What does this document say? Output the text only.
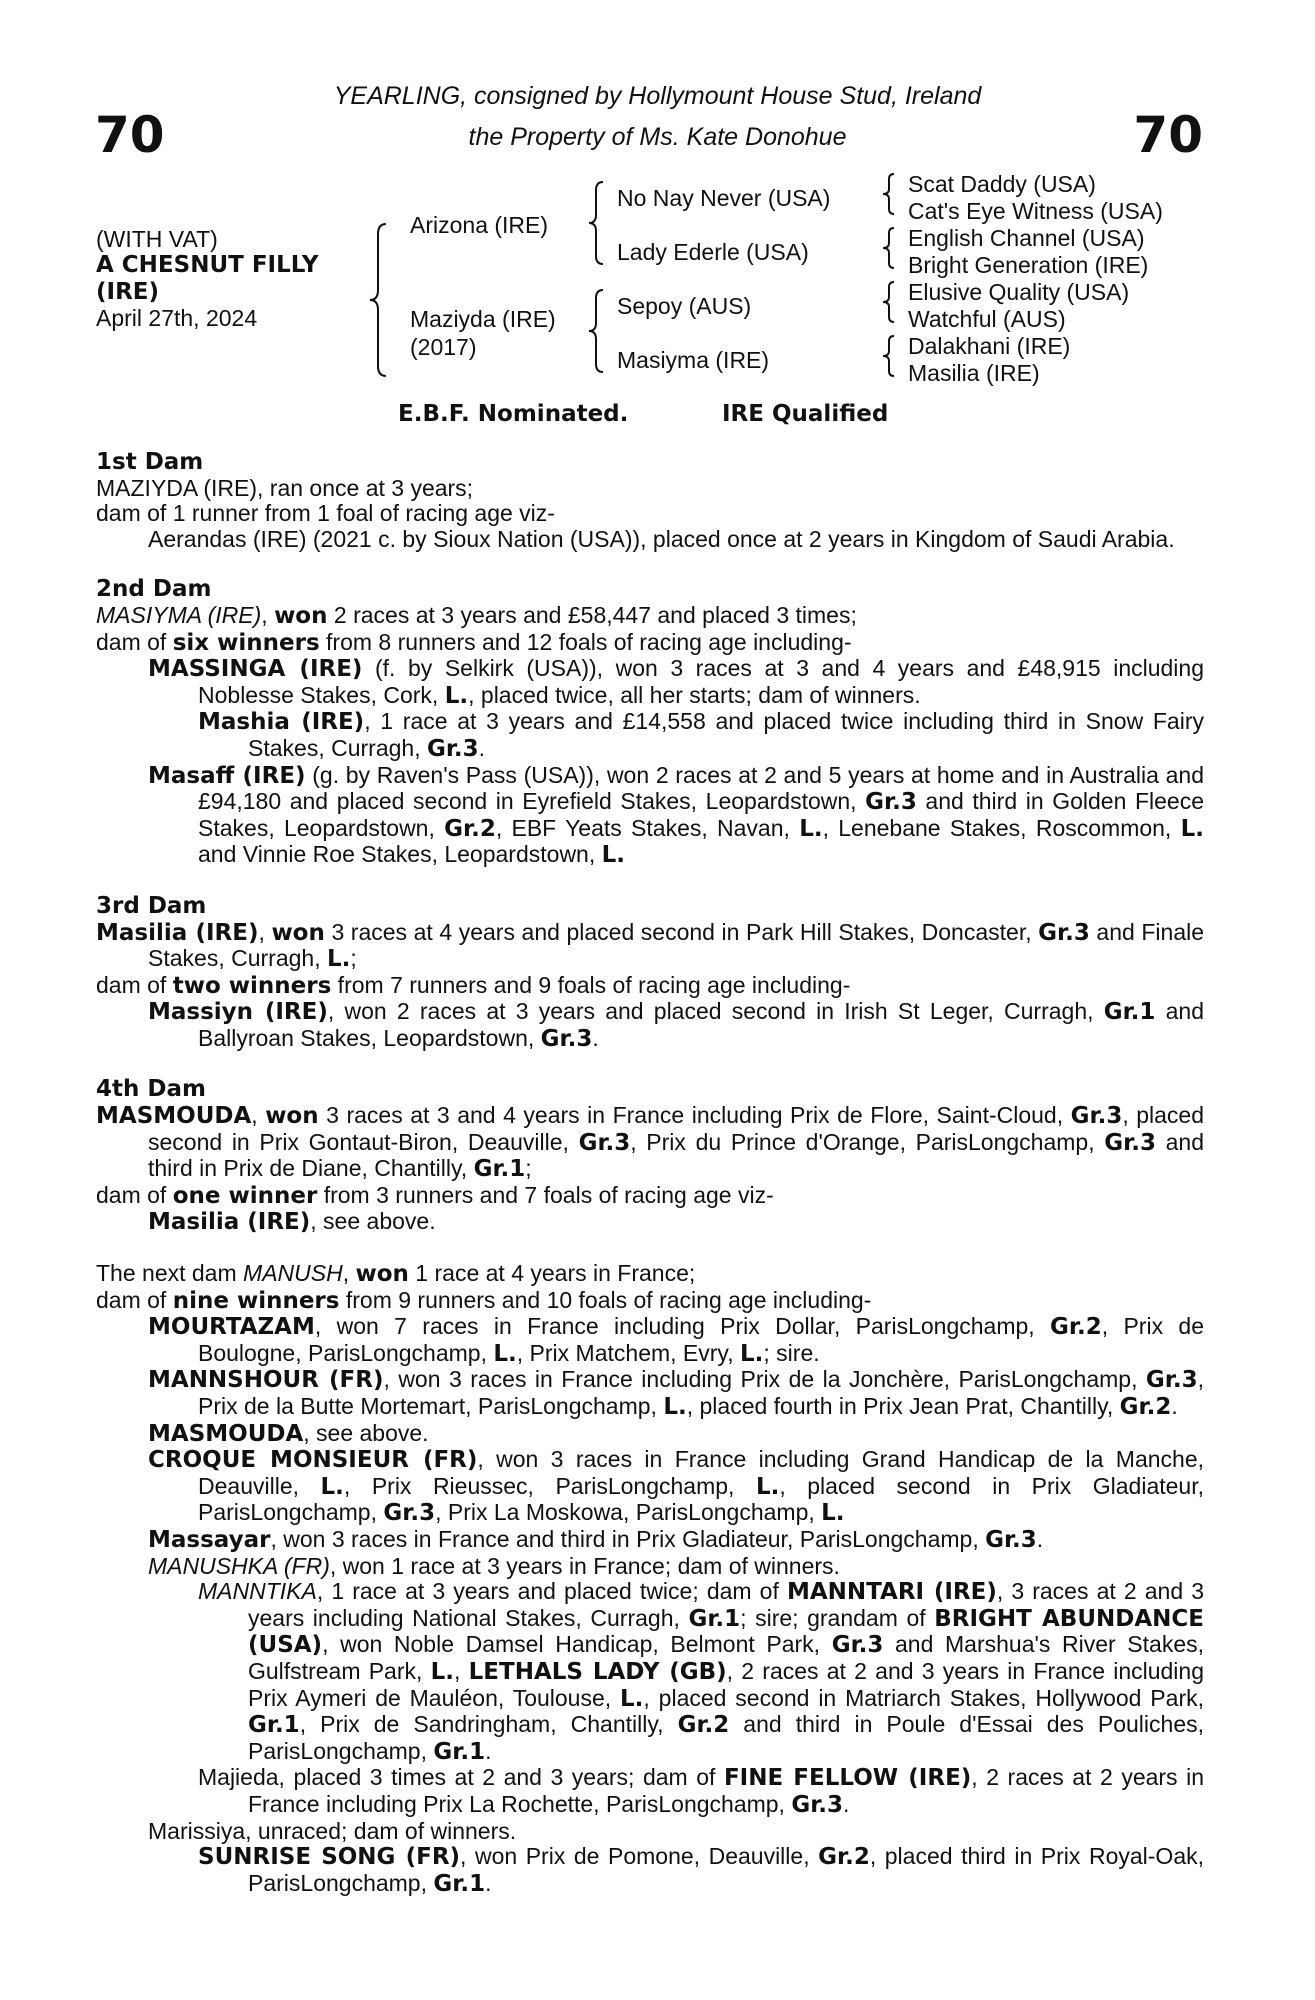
70	70
YEARLING, consigned by Hollymount House Stud, Ireland
the Property of Ms. Kate Donohue
(WITH VAT)
A CHESNUT FILLY
(IRE)
April 27th, 2024
Arizona (IRE)
Maziyda (IRE)
(2017)
No Nay Never (USA)
Lady Ederle (USA)
Sepoy (AUS)
Masiyma (IRE)
Scat Daddy (USA)
Cat's Eye Witness (USA)
English Channel (USA)
Bright Generation (IRE)
Elusive Quality (USA)
Watchful (AUS)
Dalakhani (IRE)
Masilia (IRE)
E.B.F. Nominated.	IRE Qualified
1st Dam

MAZIYDA (IRE), ran once at 3 years;

dam of 1 runner from 1 foal of racing age viz-

Aerandas (IRE) (2021 c. by Sioux Nation (USA)), placed once at 2 years in Kingdom of Saudi Arabia.

2nd Dam

MASIYMA (IRE), won 2 races at 3 years and £58,447 and placed 3 times;

dam of six winners from 8 runners and 12 foals of racing age including-

MASSINGA (IRE) (f. by Selkirk (USA)), won 3 races at 3 and 4 years and £48,915 including Noblesse Stakes, Cork, L., placed twice, all her starts; dam of winners.

Mashia (IRE), 1 race at 3 years and £14,558 and placed twice including third in Snow Fairy Stakes, Curragh, Gr.3.

Masaff (IRE) (g. by Raven's Pass (USA)), won 2 races at 2 and 5 years at home and in Australia and £94,180 and placed second in Eyrefield Stakes, Leopardstown, Gr.3 and third in Golden Fleece Stakes, Leopardstown, Gr.2, EBF Yeats Stakes, Navan, L., Lenebane Stakes, Roscommon, L. and Vinnie Roe Stakes, Leopardstown, L.

3rd Dam

Masilia (IRE), won 3 races at 4 years and placed second in Park Hill Stakes, Doncaster, Gr.3 and Finale Stakes, Curragh, L.;

dam of two winners from 7 runners and 9 foals of racing age including-

Massiyn (IRE), won 2 races at 3 years and placed second in Irish St Leger, Curragh, Gr.1 and Ballyroan Stakes, Leopardstown, Gr.3.

4th Dam

MASMOUDA, won 3 races at 3 and 4 years in France including Prix de Flore, Saint-Cloud, Gr.3, placed second in Prix Gontaut-Biron, Deauville, Gr.3, Prix du Prince d'Orange, ParisLongchamp, Gr.3 and third in Prix de Diane, Chantilly, Gr.1;

dam of one winner from 3 runners and 7 foals of racing age viz-

Masilia (IRE), see above.

The next dam MANUSH, won 1 race at 4 years in France;

dam of nine winners from 9 runners and 10 foals of racing age including-

MOURTAZAM, won 7 races in France including Prix Dollar, ParisLongchamp, Gr.2, Prix de Boulogne, ParisLongchamp, L., Prix Matchem, Evry, L.; sire.

MANNSHOUR (FR), won 3 races in France including Prix de la Jonchère, ParisLongchamp, Gr.3, Prix de la Butte Mortemart, ParisLongchamp, L., placed fourth in Prix Jean Prat, Chantilly, Gr.2.

MASMOUDA, see above.

CROQUE MONSIEUR (FR), won 3 races in France including Grand Handicap de la Manche, Deauville, L., Prix Rieussec, ParisLongchamp, L., placed second in Prix Gladiateur, ParisLongchamp, Gr.3, Prix La Moskowa, ParisLongchamp, L.

Massayar, won 3 races in France and third in Prix Gladiateur, ParisLongchamp, Gr.3.

MANUSHKA (FR), won 1 race at 3 years in France; dam of winners.

MANNTIKA, 1 race at 3 years and placed twice; dam of MANNTARI (IRE), 3 races at 2 and 3 years including National Stakes, Curragh, Gr.1; sire; grandam of BRIGHT ABUNDANCE (USA), won Noble Damsel Handicap, Belmont Park, Gr.3 and Marshua's River Stakes, Gulfstream Park, L., LETHALS LADY (GB), 2 races at 2 and 3 years in France including Prix Aymeri de Mauléon, Toulouse, L., placed second in Matriarch Stakes, Hollywood Park, Gr.1, Prix de Sandringham, Chantilly, Gr.2 and third in Poule d'Essai des Pouliches, ParisLongchamp, Gr.1.

Majieda, placed 3 times at 2 and 3 years; dam of FINE FELLOW (IRE), 2 races at 2 years in France including Prix La Rochette, ParisLongchamp, Gr.3.

Marissiya, unraced; dam of winners.

SUNRISE SONG (FR), won Prix de Pomone, Deauville, Gr.2, placed third in Prix Royal-Oak, ParisLongchamp, Gr.1.
